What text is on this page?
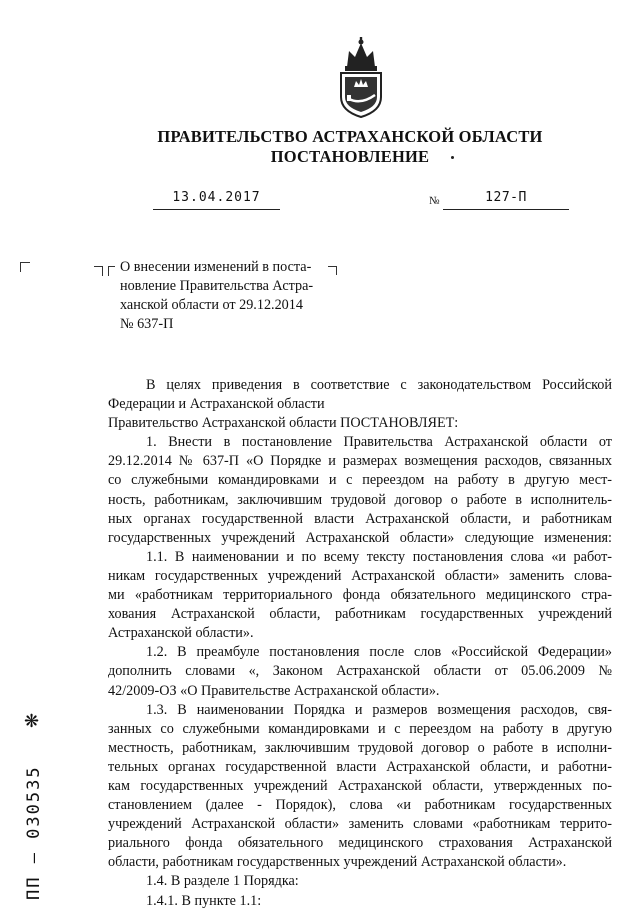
ПРАВИТЕЛЬСТВО АСТРАХАНСКОЙ ОБЛАСТИ
ПОСТАНОВЛЕНИЕ
13.04.2017	№	127-П
О внесении изменений в поста-
новление Правительства Астра-
ханской области от 29.12.2014
№ 637-П
В целях приведения в соответствие с законодательством Российской
Федерации и Астраханской области
Правительство Астраханской области ПОСТАНОВЛЯЕТ:
1. Внести в постановление Правительства Астраханской области от
29.12.2014 № 637-П «О Порядке и размерах возмещения расходов, связанных
со служебными командировками и с переездом на работу в другую мест-
ность, работникам, заключившим трудовой договор о работе в исполнитель-
ных органах государственной власти Астраханской области, и работникам
государственных учреждений Астраханской области» следующие изменения:
1.1. В наименовании и по всему тексту постановления слова «и работ-
никам государственных учреждений Астраханской области» заменить слова-
ми «работникам территориального фонда обязательного медицинского стра-
хования Астраханской области, работникам государственных учреждений
Астраханской области».
1.2. В преамбуле постановления после слов «Российской Федерации»
дополнить словами «, Законом Астраханской области от 05.06.2009 №
42/2009-ОЗ «О Правительстве Астраханской области».
1.3. В наименовании Порядка и размеров возмещения расходов, свя-
занных со служебными командировками и с переездом на работу в другую
местность, работникам, заключившим трудовой договор о работе в исполни-
тельных органах государственной власти Астраханской области, и работни-
кам государственных учреждений Астраханской области, утвержденных по-
становлением (далее - Порядок), слова «и работникам государственных
учреждений Астраханской области» заменить словами «работникам террито-
риального фонда обязательного медицинского страхования Астраханской
области, работникам государственных учреждений Астраханской области».
1.4. В разделе 1 Порядка:
1.4.1. В пункте 1.1:
❋
ПП – 030535
